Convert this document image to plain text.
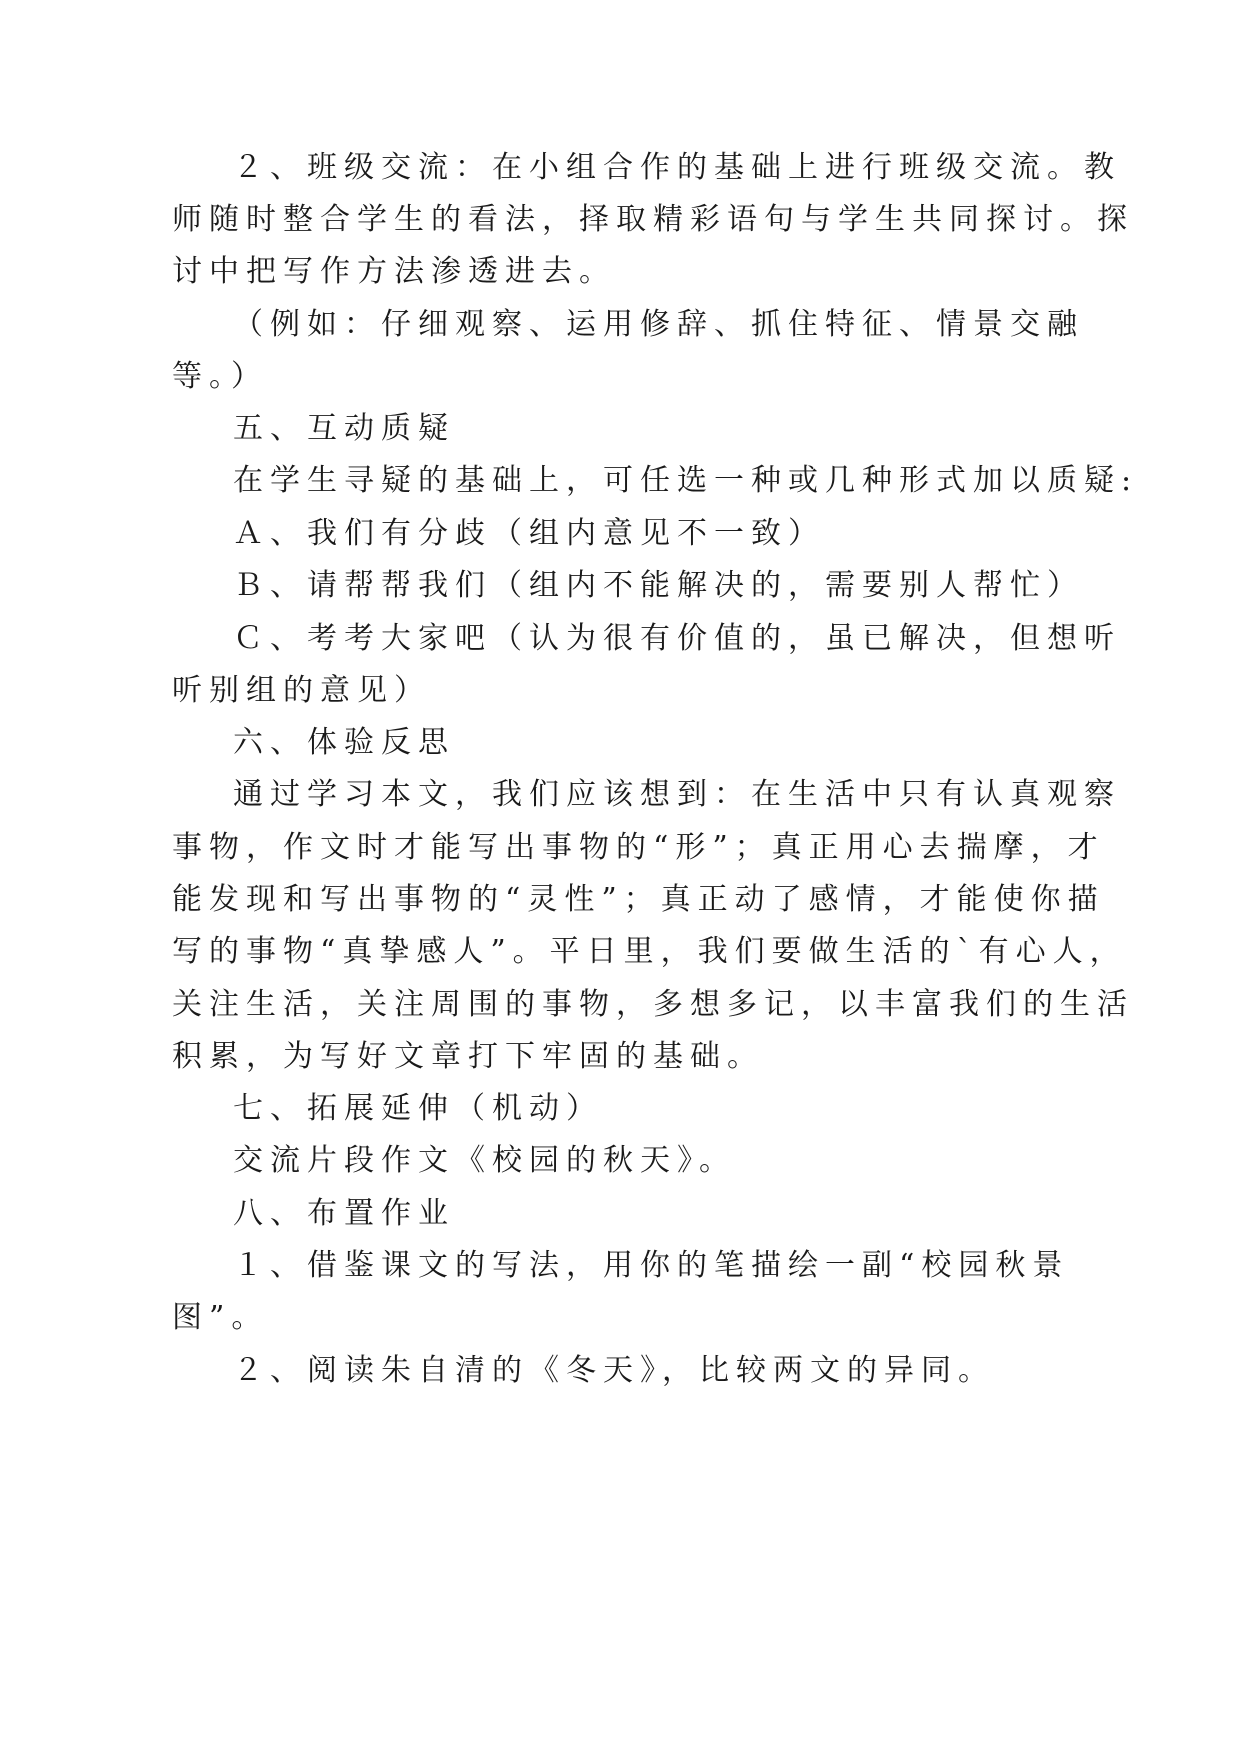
２、班级交流：在小组合作的基础上进行班级交流。教
师随时整合学生的看法，择取精彩语句与学生共同探讨。探
讨中把写作方法渗透进去。
（例如：仔细观察、运用修辞、抓住特征、情景交融
等。）
五、互动质疑
在学生寻疑的基础上，可任选一种或几种形式加以质疑:
Ａ、我们有分歧（组内意见不一致）
Ｂ、请帮帮我们（组内不能解决的，需要别人帮忙）
Ｃ、考考大家吧（认为很有价值的，虽已解决，但想听
听别组的意见）
六、体验反思
通过学习本文，我们应该想到：在生活中只有认真观察
事物，作文时才能写出事物的“形”；真正用心去揣摩，才
能发现和写出事物的“灵性”；真正动了感情，才能使你描
写的事物“真挚感人”。平日里，我们要做生活的`有心人，
关注生活，关注周围的事物，多想多记，以丰富我们的生活
积累，为写好文章打下牢固的基础。
七、拓展延伸（机动）
交流片段作文《校园的秋天》。
八、布置作业
１、借鉴课文的写法，用你的笔描绘一副“校园秋景
图”。
２、阅读朱自清的《冬天》，比较两文的异同。
